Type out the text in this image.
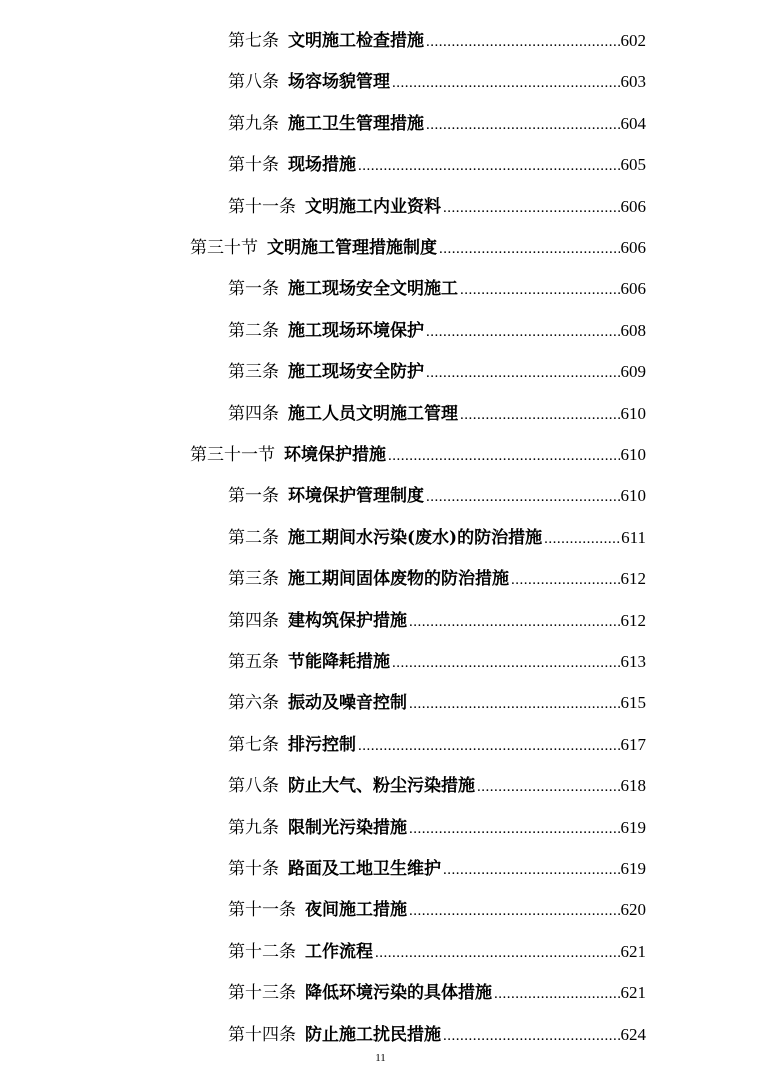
第七条 文明施工检查措施 .....	602
第八条 场容场貌管理 .....	603
第九条 施工卫生管理措施 .....	604
第十条 现场措施 .....	605
第十一条 文明施工内业资料 .....	606
第三十节 文明施工管理措施制度 .....	606
第一条 施工现场安全文明施工 .....	606
第二条 施工现场环境保护 .....	608
第三条 施工现场安全防护 .....	609
第四条 施工人员文明施工管理 .....	610
第三十一节 环境保护措施 .....	610
第一条 环境保护管理制度 .....	610
第二条 施工期间水污染(废水)的防治措施 .....	611
第三条 施工期间固体废物的防治措施 .....	612
第四条 建构筑保护措施 .....	612
第五条 节能降耗措施 .....	613
第六条 振动及噪音控制 .....	615
第七条 排污控制 .....	617
第八条 防止大气、粉尘污染措施 .....	618
第九条 限制光污染措施 .....	619
第十条 路面及工地卫生维护 .....	619
第十一条 夜间施工措施 .....	620
第十二条 工作流程 .....	621
第十三条 降低环境污染的具体措施 .....	621
第十四条 防止施工扰民措施 .....	624
11
